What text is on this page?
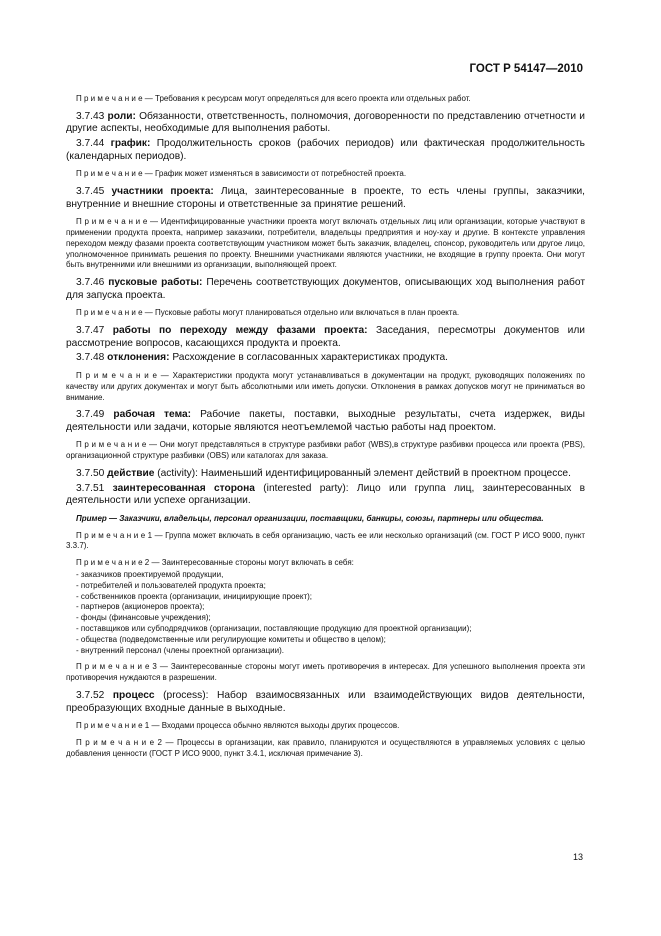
ГОСТ Р 54147—2010

П р и м е ч а н и е — Требования к ресурсам могут определяться для всего проекта или отдельных работ.

3.7.43 роли: Обязанности, ответственность, полномочия, договоренности по представлению отчетности и другие аспекты, необходимые для выполнения работы.

3.7.44 график: Продолжительность сроков (рабочих периодов) или фактическая продолжительность (календарных периодов).

П р и м е ч а н и е — График может изменяться в зависимости от потребностей проекта.

3.7.45 участники проекта: Лица, заинтересованные в проекте, то есть члены группы, заказчики, внутренние и внешние стороны и ответственные за принятие решений.

П р и м е ч а н и е — Идентифицированные участники проекта могут включать отдельных лиц или организации, которые участвуют в применении продукта проекта, например заказчики, потребители, владельцы предприятия и ноу-хау и другие. В контексте управления переходом между фазами проекта соответствующим участником может быть заказчик, владелец, спонсор, руководитель или другое лицо, уполномоченное принимать решения по проекту. Внешними участниками являются участники, не входящие в группу проекта. Они могут быть внутренними или внешними из организации, выполняющей проект.

3.7.46 пусковые работы: Перечень соответствующих документов, описывающих ход выполнения работ для запуска проекта.

П р и м е ч а н и е — Пусковые работы могут планироваться отдельно или включаться в план проекта.

3.7.47 работы по переходу между фазами проекта: Заседания, пересмотры документов или рассмотрение вопросов, касающихся продукта и проекта.

3.7.48 отклонения: Расхождение в согласованных характеристиках продукта.

П р и м е ч а н и е — Характеристики продукта могут устанавливаться в документации на продукт, руководящих положениях по качеству или других документах и могут быть абсолютными или иметь допуски. Отклонения в рамках допусков могут не приниматься во внимание.

3.7.49 рабочая тема: Рабочие пакеты, поставки, выходные результаты, счета издержек, виды деятельности или задачи, которые являются неотъемлемой частью работы над проектом.

П р и м е ч а н и е — Они могут представляться в структуре разбивки работ (WBS),в структуре разбивки процесса или проекта (PBS), организационной структуре разбивки (OBS) или каталогах для заказа.

3.7.50 действие (activity): Наименьший идентифицированный элемент действий в проектном процессе.

3.7.51 заинтересованная сторона (interested party): Лицо или группа лиц, заинтересованных в деятельности или успехе организации.

Пример — Заказчики, владельцы, персонал организации, поставщики, банкиры, союзы, партнеры или общества.

П р и м е ч а н и е 1 — Группа может включать в себя организацию, часть ее или несколько организаций (см. ГОСТ Р ИСО 9000, пункт 3.3.7).

П р и м е ч а н и е 2 — Заинтересованные стороны могут включать в себя:

- заказчиков проектируемой продукции,
- потребителей и пользователей продукта проекта;
- собственников проекта (организации, инициирующие проект);
- партнеров (акционеров проекта);
- фонды (финансовые учреждения);
- поставщиков или субподрядчиков (организации, поставляющие продукцию для проектной организации);
- общества (подведомственные или регулирующие комитеты и общество в целом);
- внутренний персонал (члены проектной организации).

П р и м е ч а н и е 3 — Заинтересованные стороны могут иметь противоречия в интересах. Для успешного выполнения проекта эти противоречия нуждаются в разрешении.

3.7.52 процесс (process): Набор взаимосвязанных или взаимодействующих видов деятельности, преобразующих входные данные в выходные.

П р и м е ч а н и е 1 — Входами процесса обычно являются выходы других процессов.

П р и м е ч а н и е 2 — Процессы в организации, как правило, планируются и осуществляются в управляемых условиях с целью добавления ценности (ГОСТ Р ИСО 9000, пункт 3.4.1, исключая примечание 3).

13
